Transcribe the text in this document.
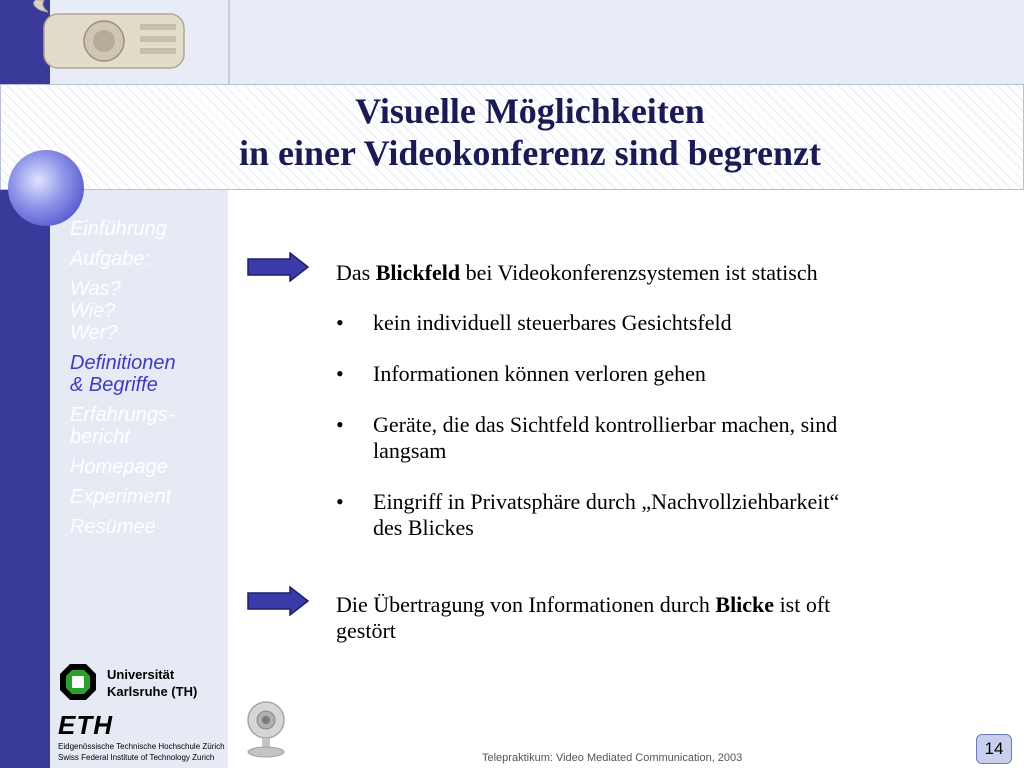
Visuelle Möglichkeiten
in einer Videokonferenz sind begrenzt
Einführung
Aufgabe:
Was?
Wie?
Wer?
Definitionen
& Begriffe
Erfahrungs-
bericht
Homepage
Experiment
Resümee
Universität
Karlsruhe (TH)
ETH
Eidgenössische Technische Hochschule Zürich
Swiss Federal Institute of Technology Zurich
Das Blickfeld bei Videokonferenzsystemen ist statisch
• kein individuell steuerbares Gesichtsfeld
• Informationen können verloren gehen
• Geräte, die das Sichtfeld kontrollierbar machen, sind
langsam
• Eingriff in Privatsphäre durch „Nachvollziehbarkeit“
des Blickes
Die Übertragung von Informationen durch Blicke ist oft
gestört
Telepraktikum: Video Mediated Communication, 2003	14
